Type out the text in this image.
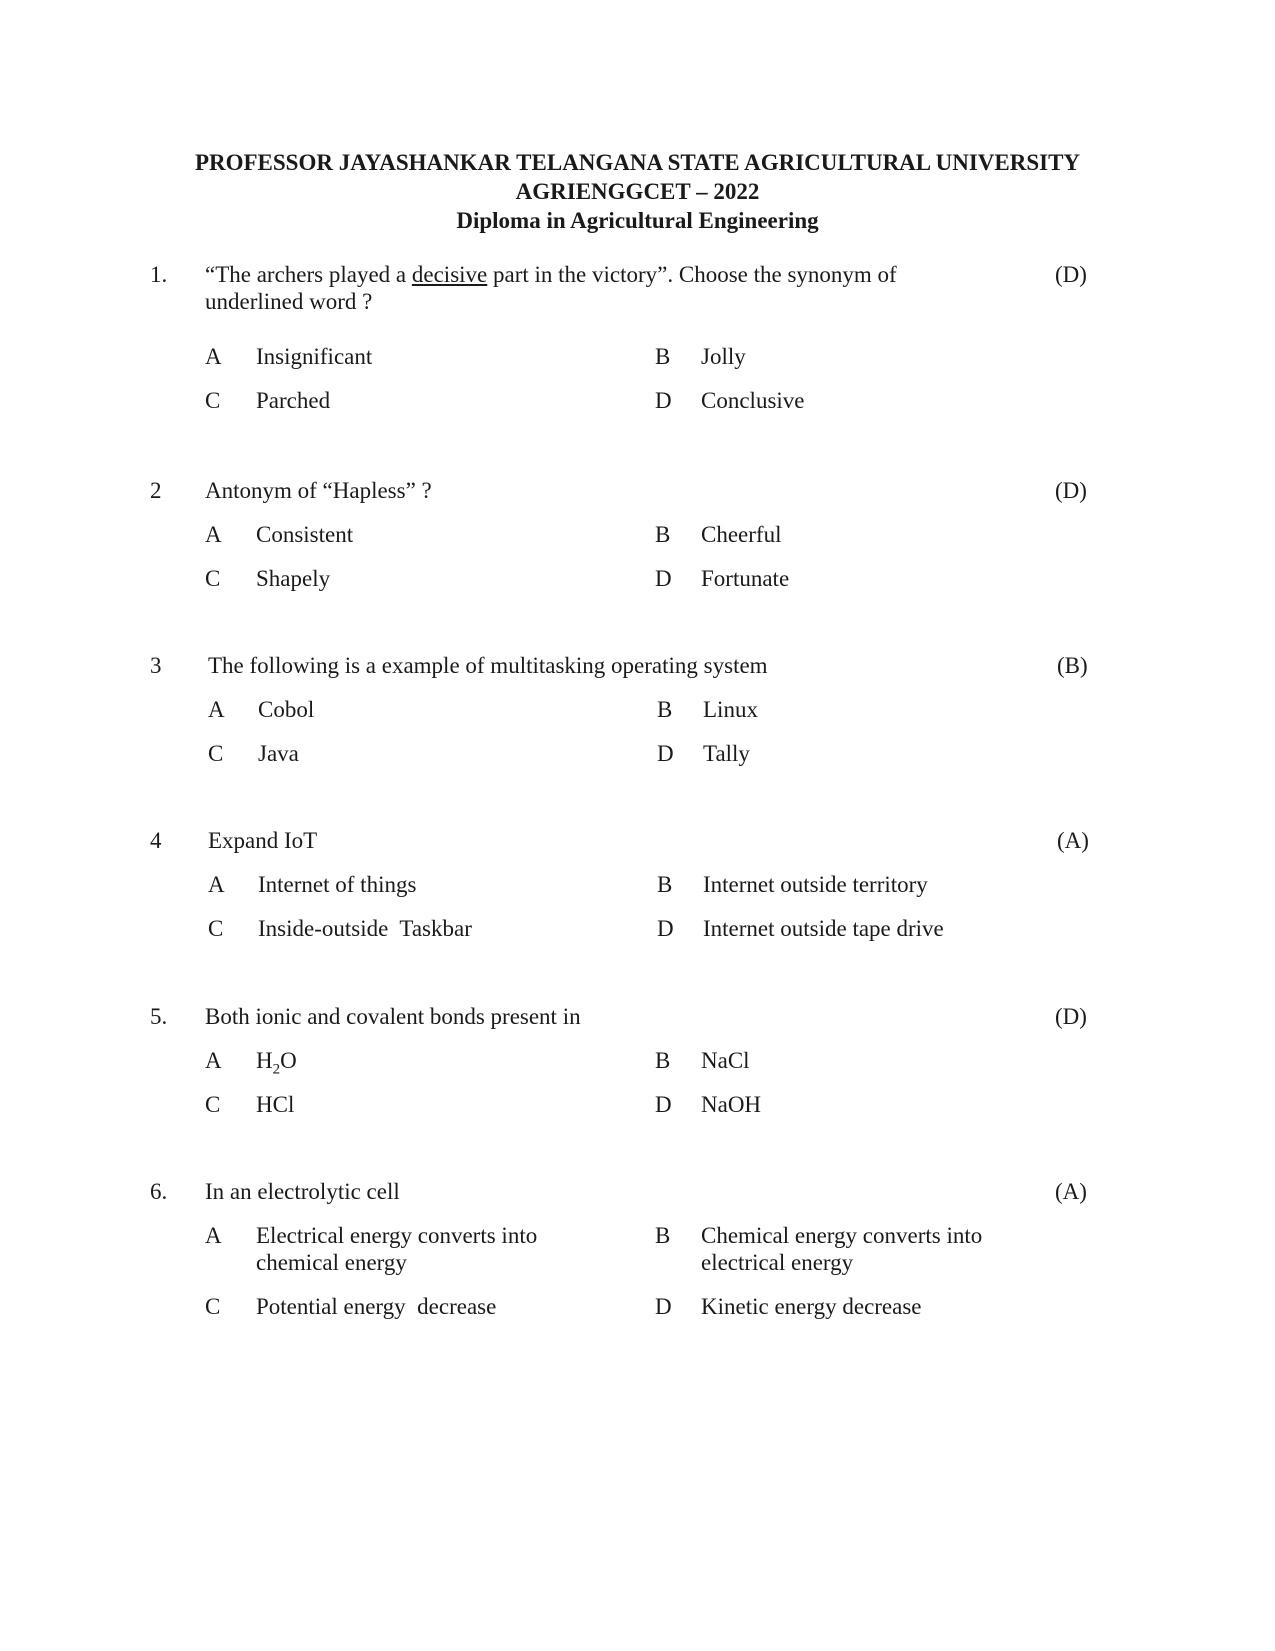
PROFESSOR JAYASHANKAR TELANGANA STATE AGRICULTURAL UNIVERSITY
AGRIENGGCET – 2022
Diploma in Agricultural Engineering
1. “The archers played a decisive part in the victory”. Choose the synonym of underlined word ?
(D)
A Insignificant	B Jolly
C Parched	D Conclusive
2 Antonym of “Hapless” ?	(D)
A Consistent	B Cheerful
C Shapely	D Fortunate
3 The following is a example of multitasking operating system	(B)
A Cobol	B Linux
C Java	D Tally
4 Expand IoT	(A)
A Internet of things	B Internet outside territory
C Inside-outside  Taskbar	D Internet outside tape drive
5. Both ionic and covalent bonds present in	(D)
A $H_2O$	B NaCl
C HCl	D NaOH
6. In an electrolytic cell	(A)
A Electrical energy converts into chemical energy
B Chemical energy converts into electrical energy
C Potential energy  decrease	D Kinetic energy decrease
